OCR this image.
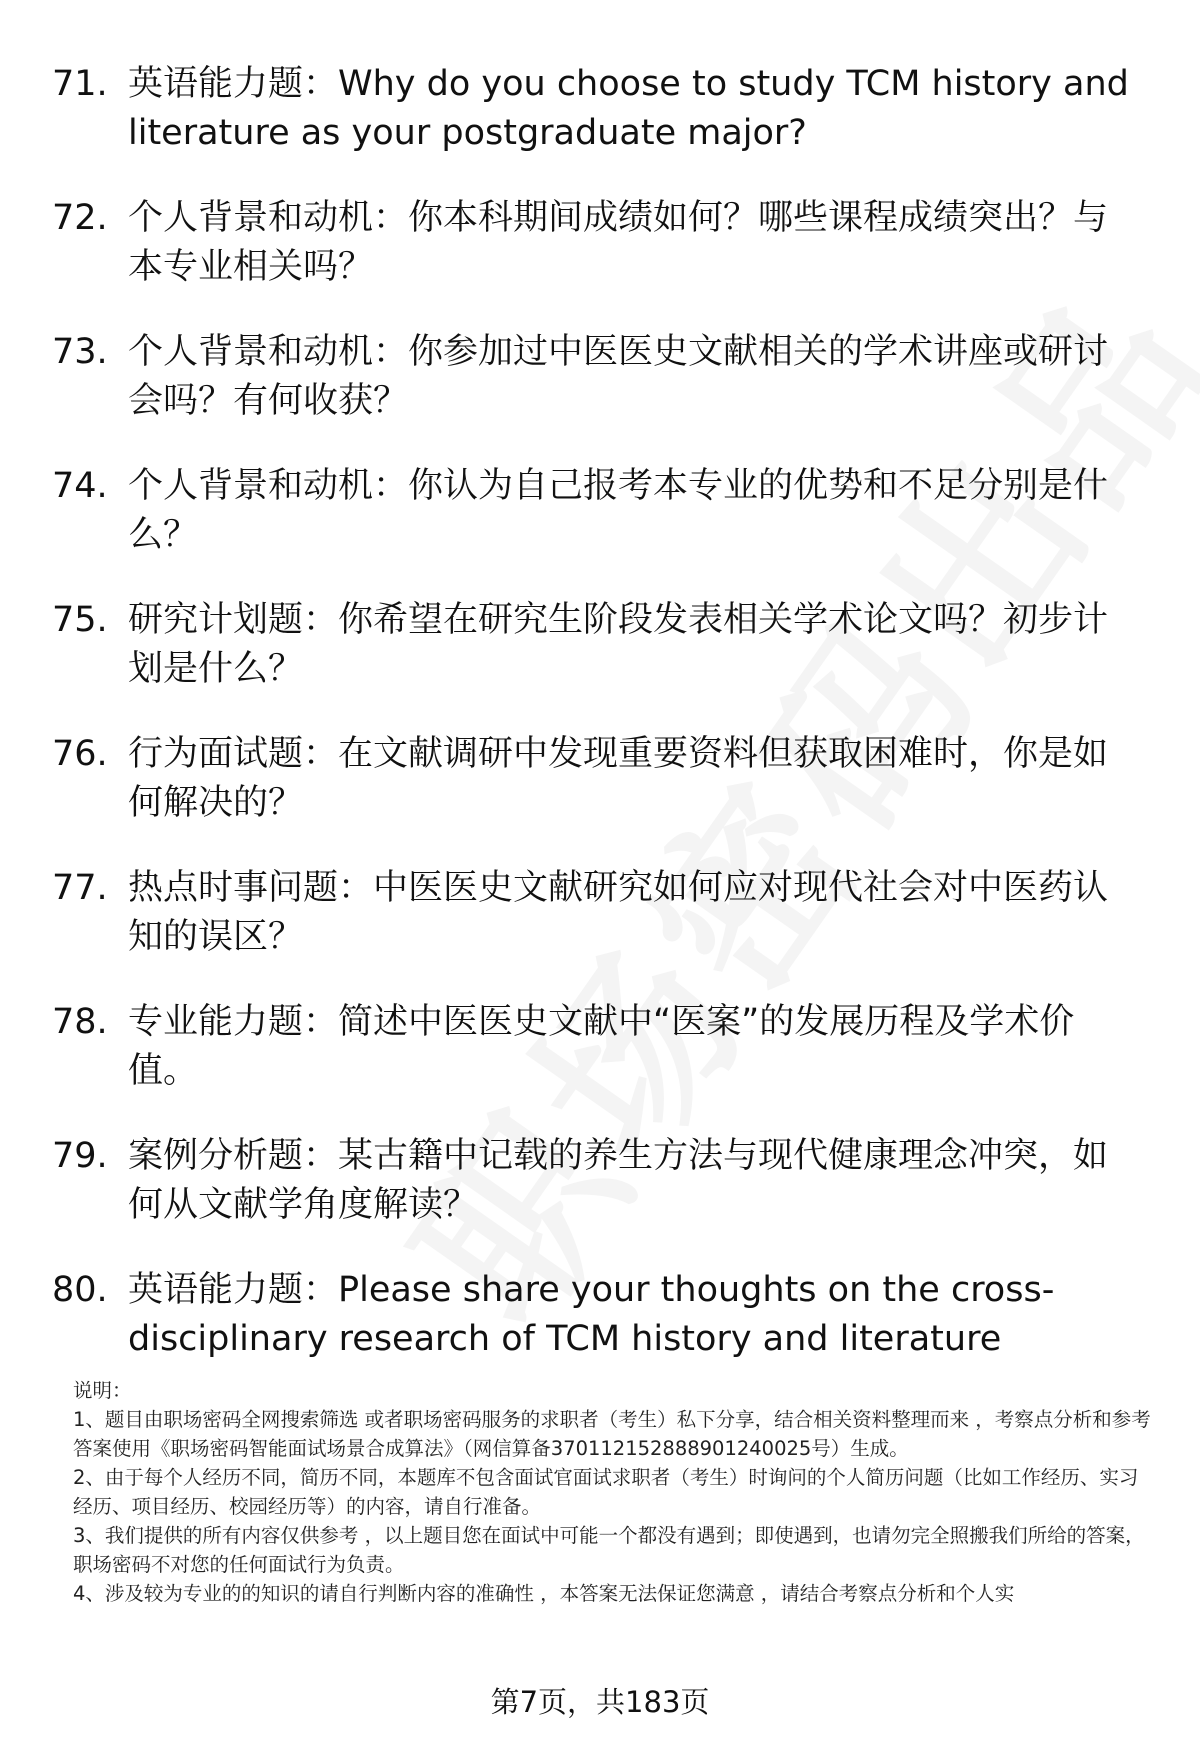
71. 英语能力题：Why do you choose to study TCM history and literature as your postgraduate major?
72. 个人背景和动机：你本科期间成绩如何？哪些课程成绩突出？与本专业相关吗？
73. 个人背景和动机：你参加过中医医史文献相关的学术讲座或研讨会吗？有何收获？
74. 个人背景和动机：你认为自己报考本专业的优势和不足分别是什么？
75. 研究计划题：你希望在研究生阶段发表相关学术论文吗？初步计划是什么？
76. 行为面试题：在文献调研中发现重要资料但获取困难时，你是如何解决的？
77. 热点时事问题：中医医史文献研究如何应对现代社会对中医药认知的误区？
78. 专业能力题：简述中医医史文献中“医案”的发展历程及学术价值。
79. 案例分析题：某古籍中记载的养生方法与现代健康理念冲突，如何从文献学角度解读？
80. 英语能力题：Please share your thoughts on the cross-disciplinary research of TCM history and literature

说明：

1、题目由职场密码全网搜索筛选 或者职场密码服务的求职者（考生）私下分享，结合相关资料整理而来 ，考察点分析和参考答案使用《职场密码智能面试场景合成算法》（网信算备370112152888901240025号）生成。

2、由于每个人经历不同，简历不同，本题库不包含面试官面试求职者（考生）时询问的个人简历问题（比如工作经历、实习经历、项目经历、校园经历等）的内容，请自行准备。

3、我们提供的所有内容仅供参考 ，以上题目您在面试中可能一个都没有遇到；即使遇到，也请勿完全照搬我们所给的答案，职场密码不对您的任何面试行为负责。

4、涉及较为专业的的知识的请自行判断内容的准确性 ，本答案无法保证您满意 ，请结合考察点分析和个人实

第7页，共183页
